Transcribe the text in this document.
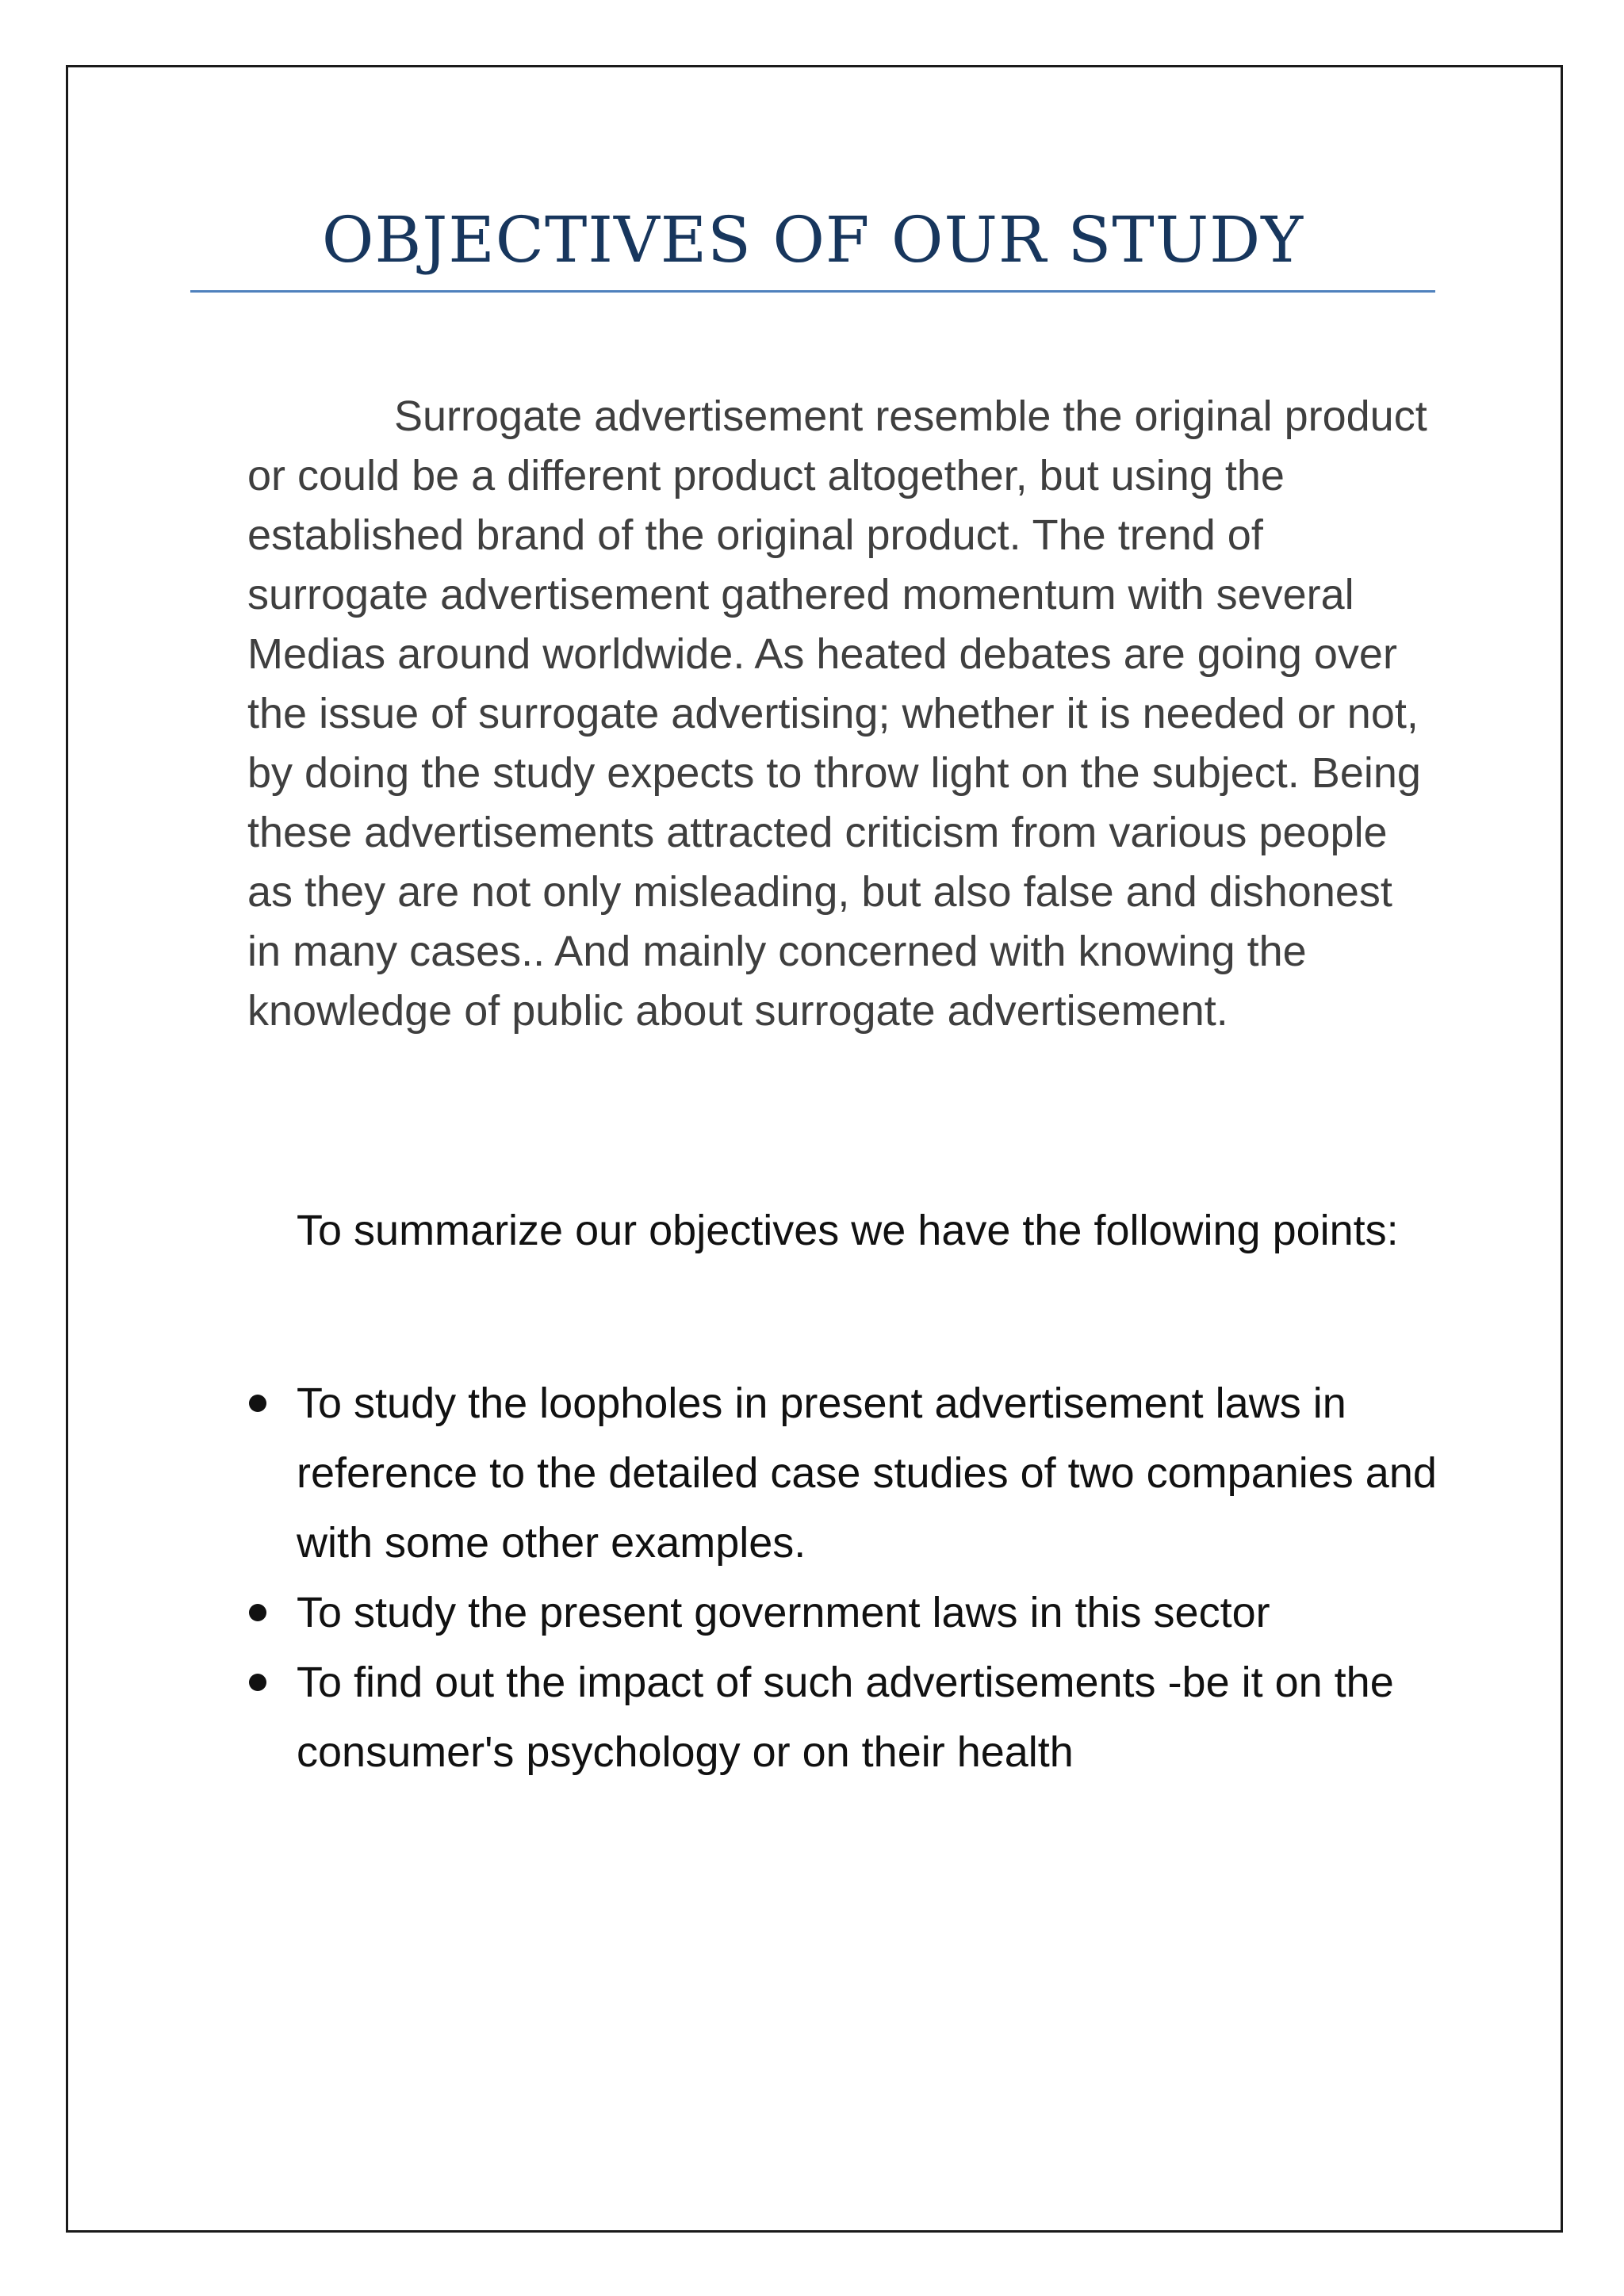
OBJECTIVES OF OUR STUDY

Surrogate advertisement resemble the original product or could be a different product altogether, but using the established brand of the original product. The trend of surrogate advertisement gathered momentum with several Medias around worldwide. As heated debates are going over the issue of surrogate advertising; whether it is needed or not, by doing the study expects to throw light on the subject. Being these advertisements attracted criticism from various people as they are not only misleading, but also false and dishonest in many cases.. And mainly concerned with knowing the knowledge of public about surrogate advertisement.

To summarize our objectives we have the following points:

To study the loopholes in present advertisement laws in reference to the detailed case studies of two companies and with some other examples.
To study the present government laws in this sector
To find out the impact of such advertisements -be it on the consumer's psychology or on their health
